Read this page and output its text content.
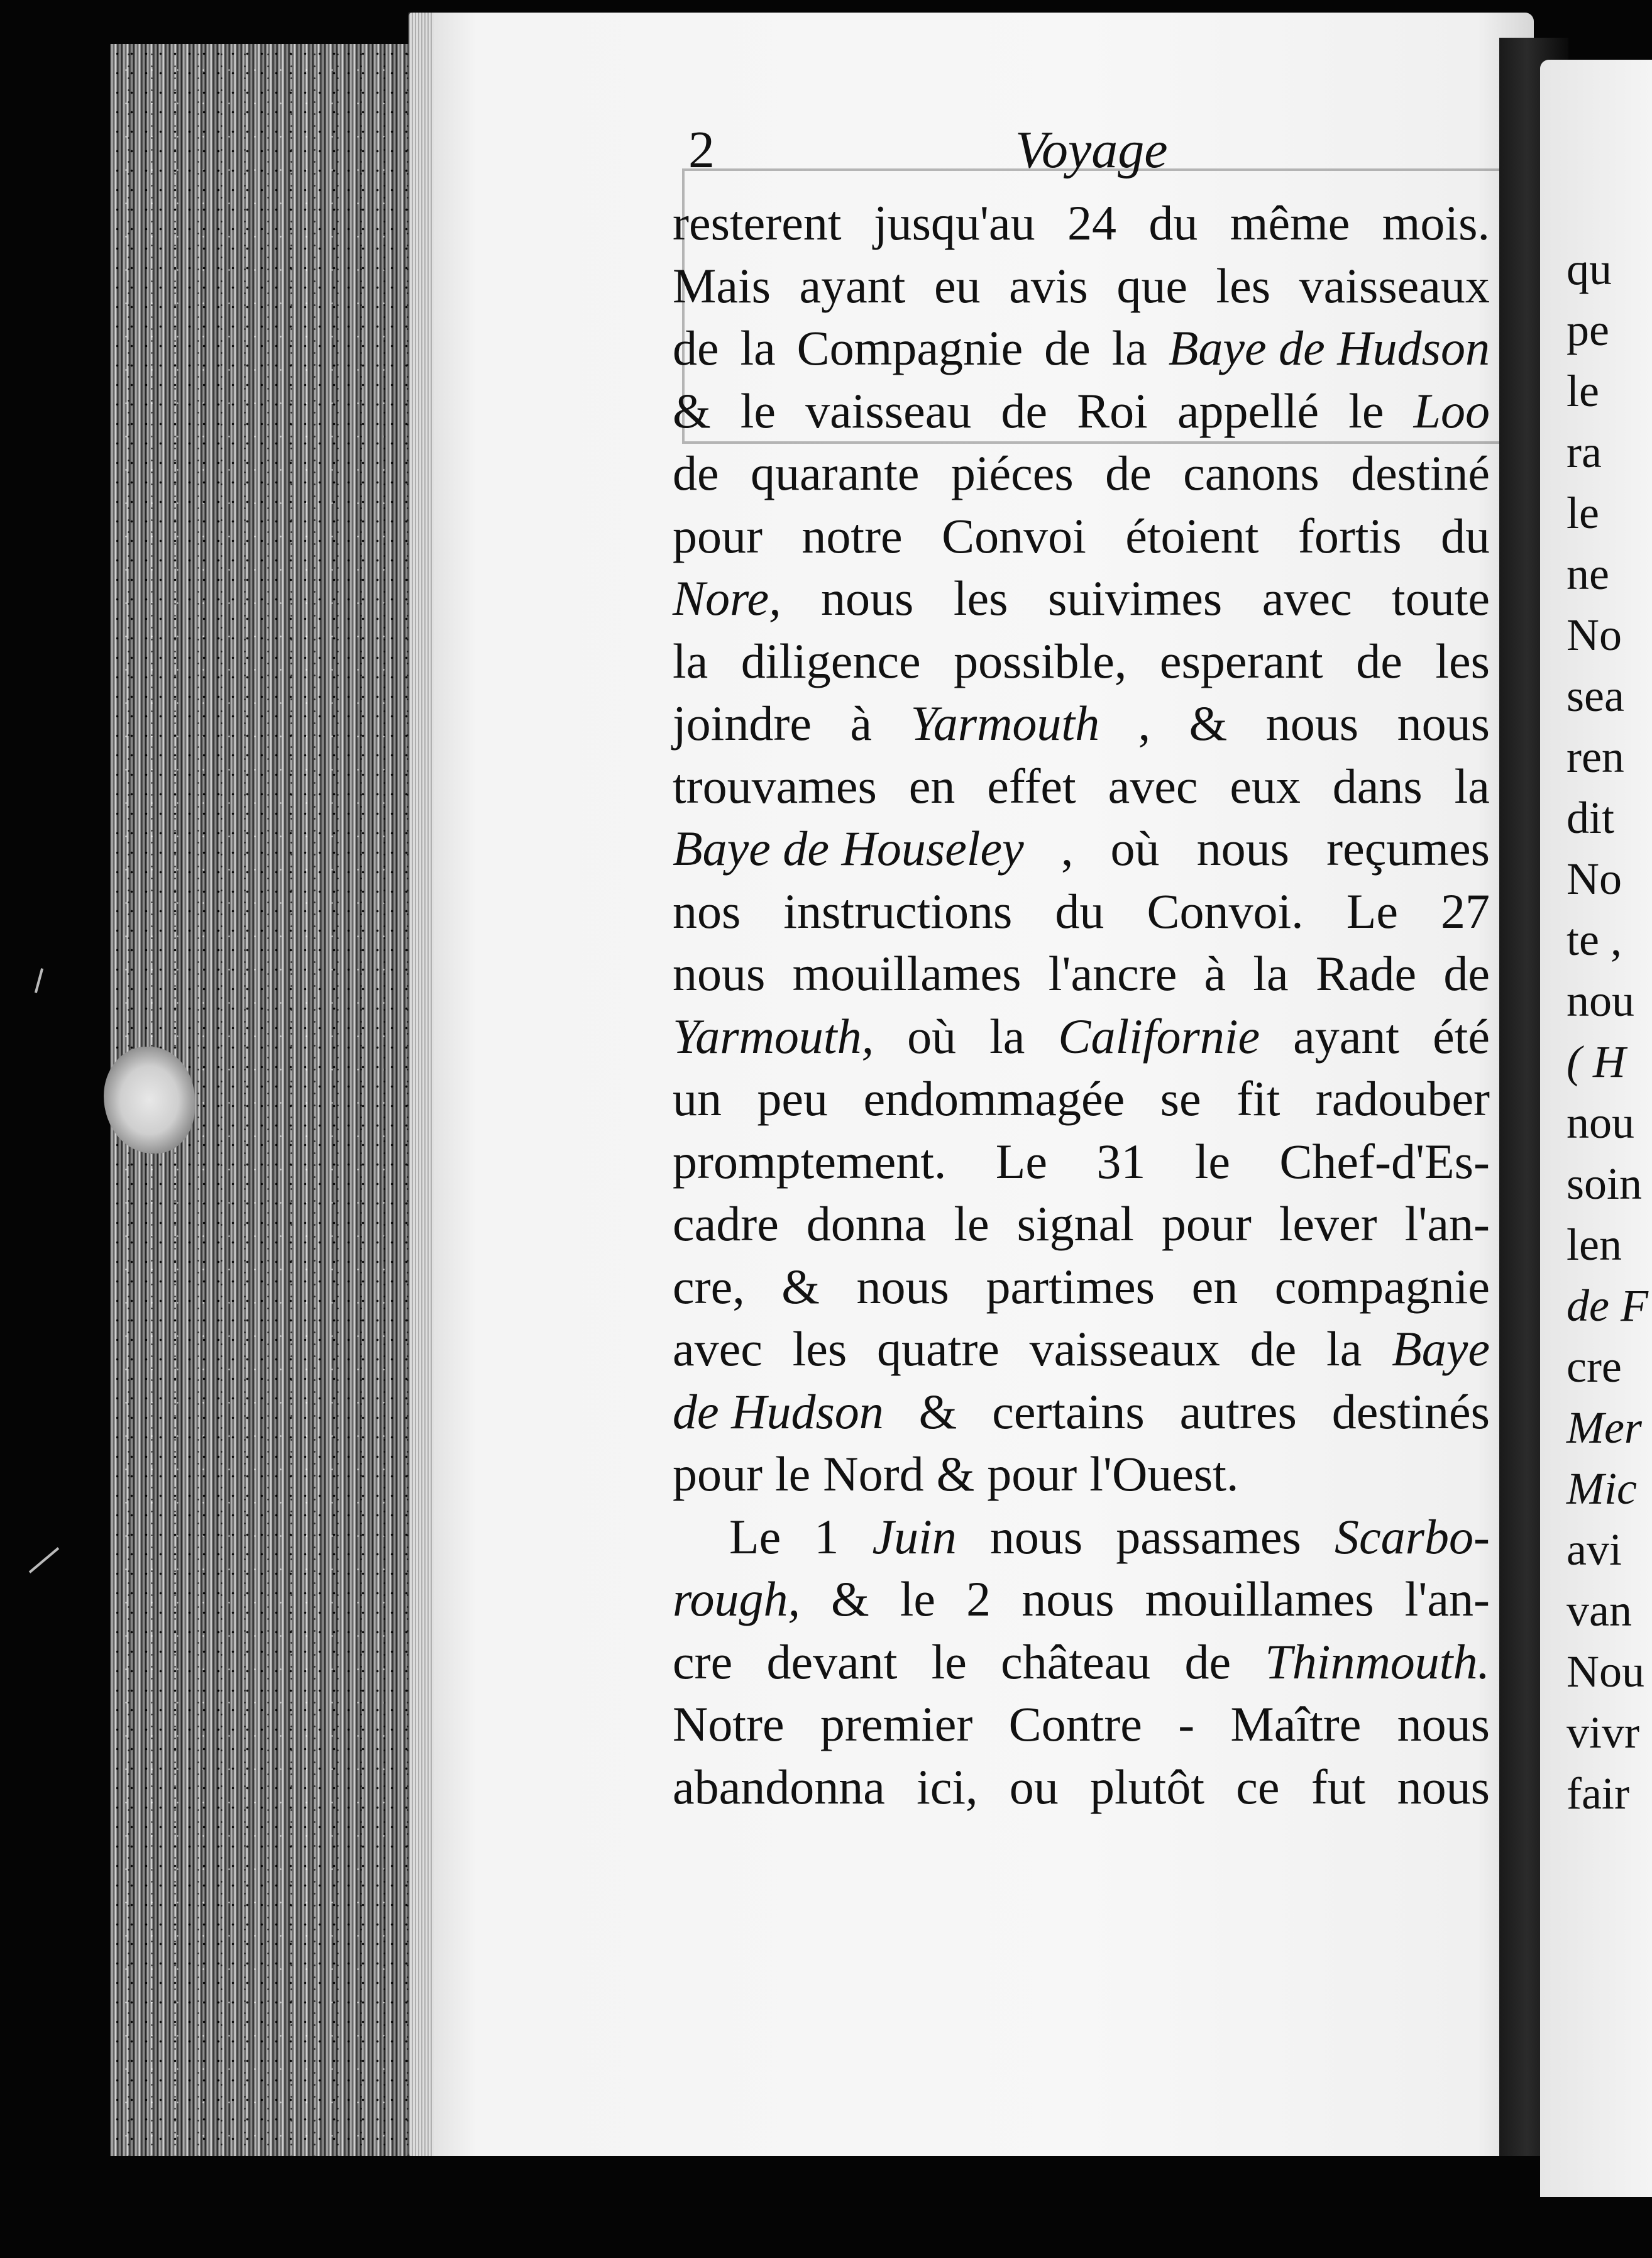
2	Voyage
resterent jusqu'au 24 du même mois.
Mais ayant eu avis que les vaisseaux
de la Compagnie de la Baye de Hudson
& le vaisseau de Roi appellé le Loo
de quarante piéces de canons destiné
pour notre Convoi étoient fortis du
Nore, nous les suivimes avec toute
la diligence possible, esperant de les
joindre à Yarmouth , & nous nous
trouvames en effet avec eux dans la
Baye de Houseley , où nous reçumes
nos instructions du Convoi. Le 27
nous mouillames l'ancre à la Rade de
Yarmouth, où la Californie ayant été
un peu endommagée se fit radouber
promptement. Le 31 le Chef-d'Es-
cadre donna le signal pour lever l'an-
cre, & nous partimes en compagnie
avec les quatre vaisseaux de la Baye
de Hudson & certains autres destinés
pour le Nord & pour l'Ouest.
Le 1 Juin nous passames Scarbo-
rough, & le 2 nous mouillames l'an-
cre devant le château de Thinmouth.
Notre premier Contre - Maître nous
abandonna ici, ou plutôt ce fut nous
qu
pe
le
ra
le
ne
No
sea
ren
dit
No
te ,
nou
( H
nou
soin
len
de F
cre
Mer
Mic
avi
van
Nou
vivr
fair
